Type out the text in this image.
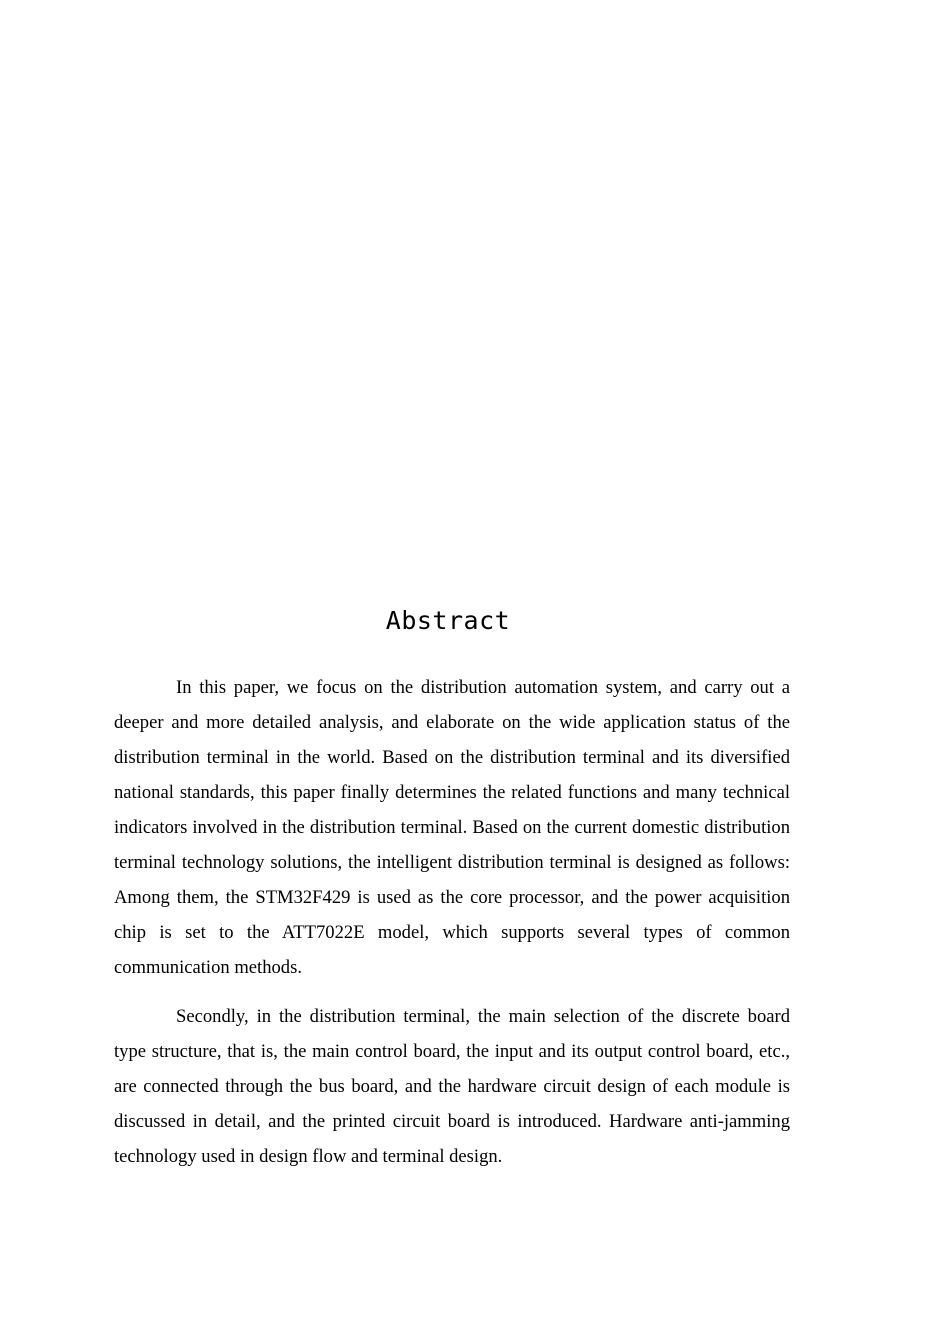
Abstract

In this paper, we focus on the distribution automation system, and carry out a deeper and more detailed analysis, and elaborate on the wide application status of the distribution terminal in the world. Based on the distribution terminal and its diversified national standards, this paper finally determines the related functions and many technical indicators involved in the distribution terminal. Based on the current domestic distribution terminal technology solutions, the intelligent distribution terminal is designed as follows: Among them, the STM32F429 is used as the core processor, and the power acquisition chip is set to the ATT7022E model, which supports several types of common communication methods.

Secondly, in the distribution terminal, the main selection of the discrete board type structure, that is, the main control board, the input and its output control board, etc., are connected through the bus board, and the hardware circuit design of each module is discussed in detail, and the printed circuit board is introduced. Hardware anti-jamming technology used in design flow and terminal design.
